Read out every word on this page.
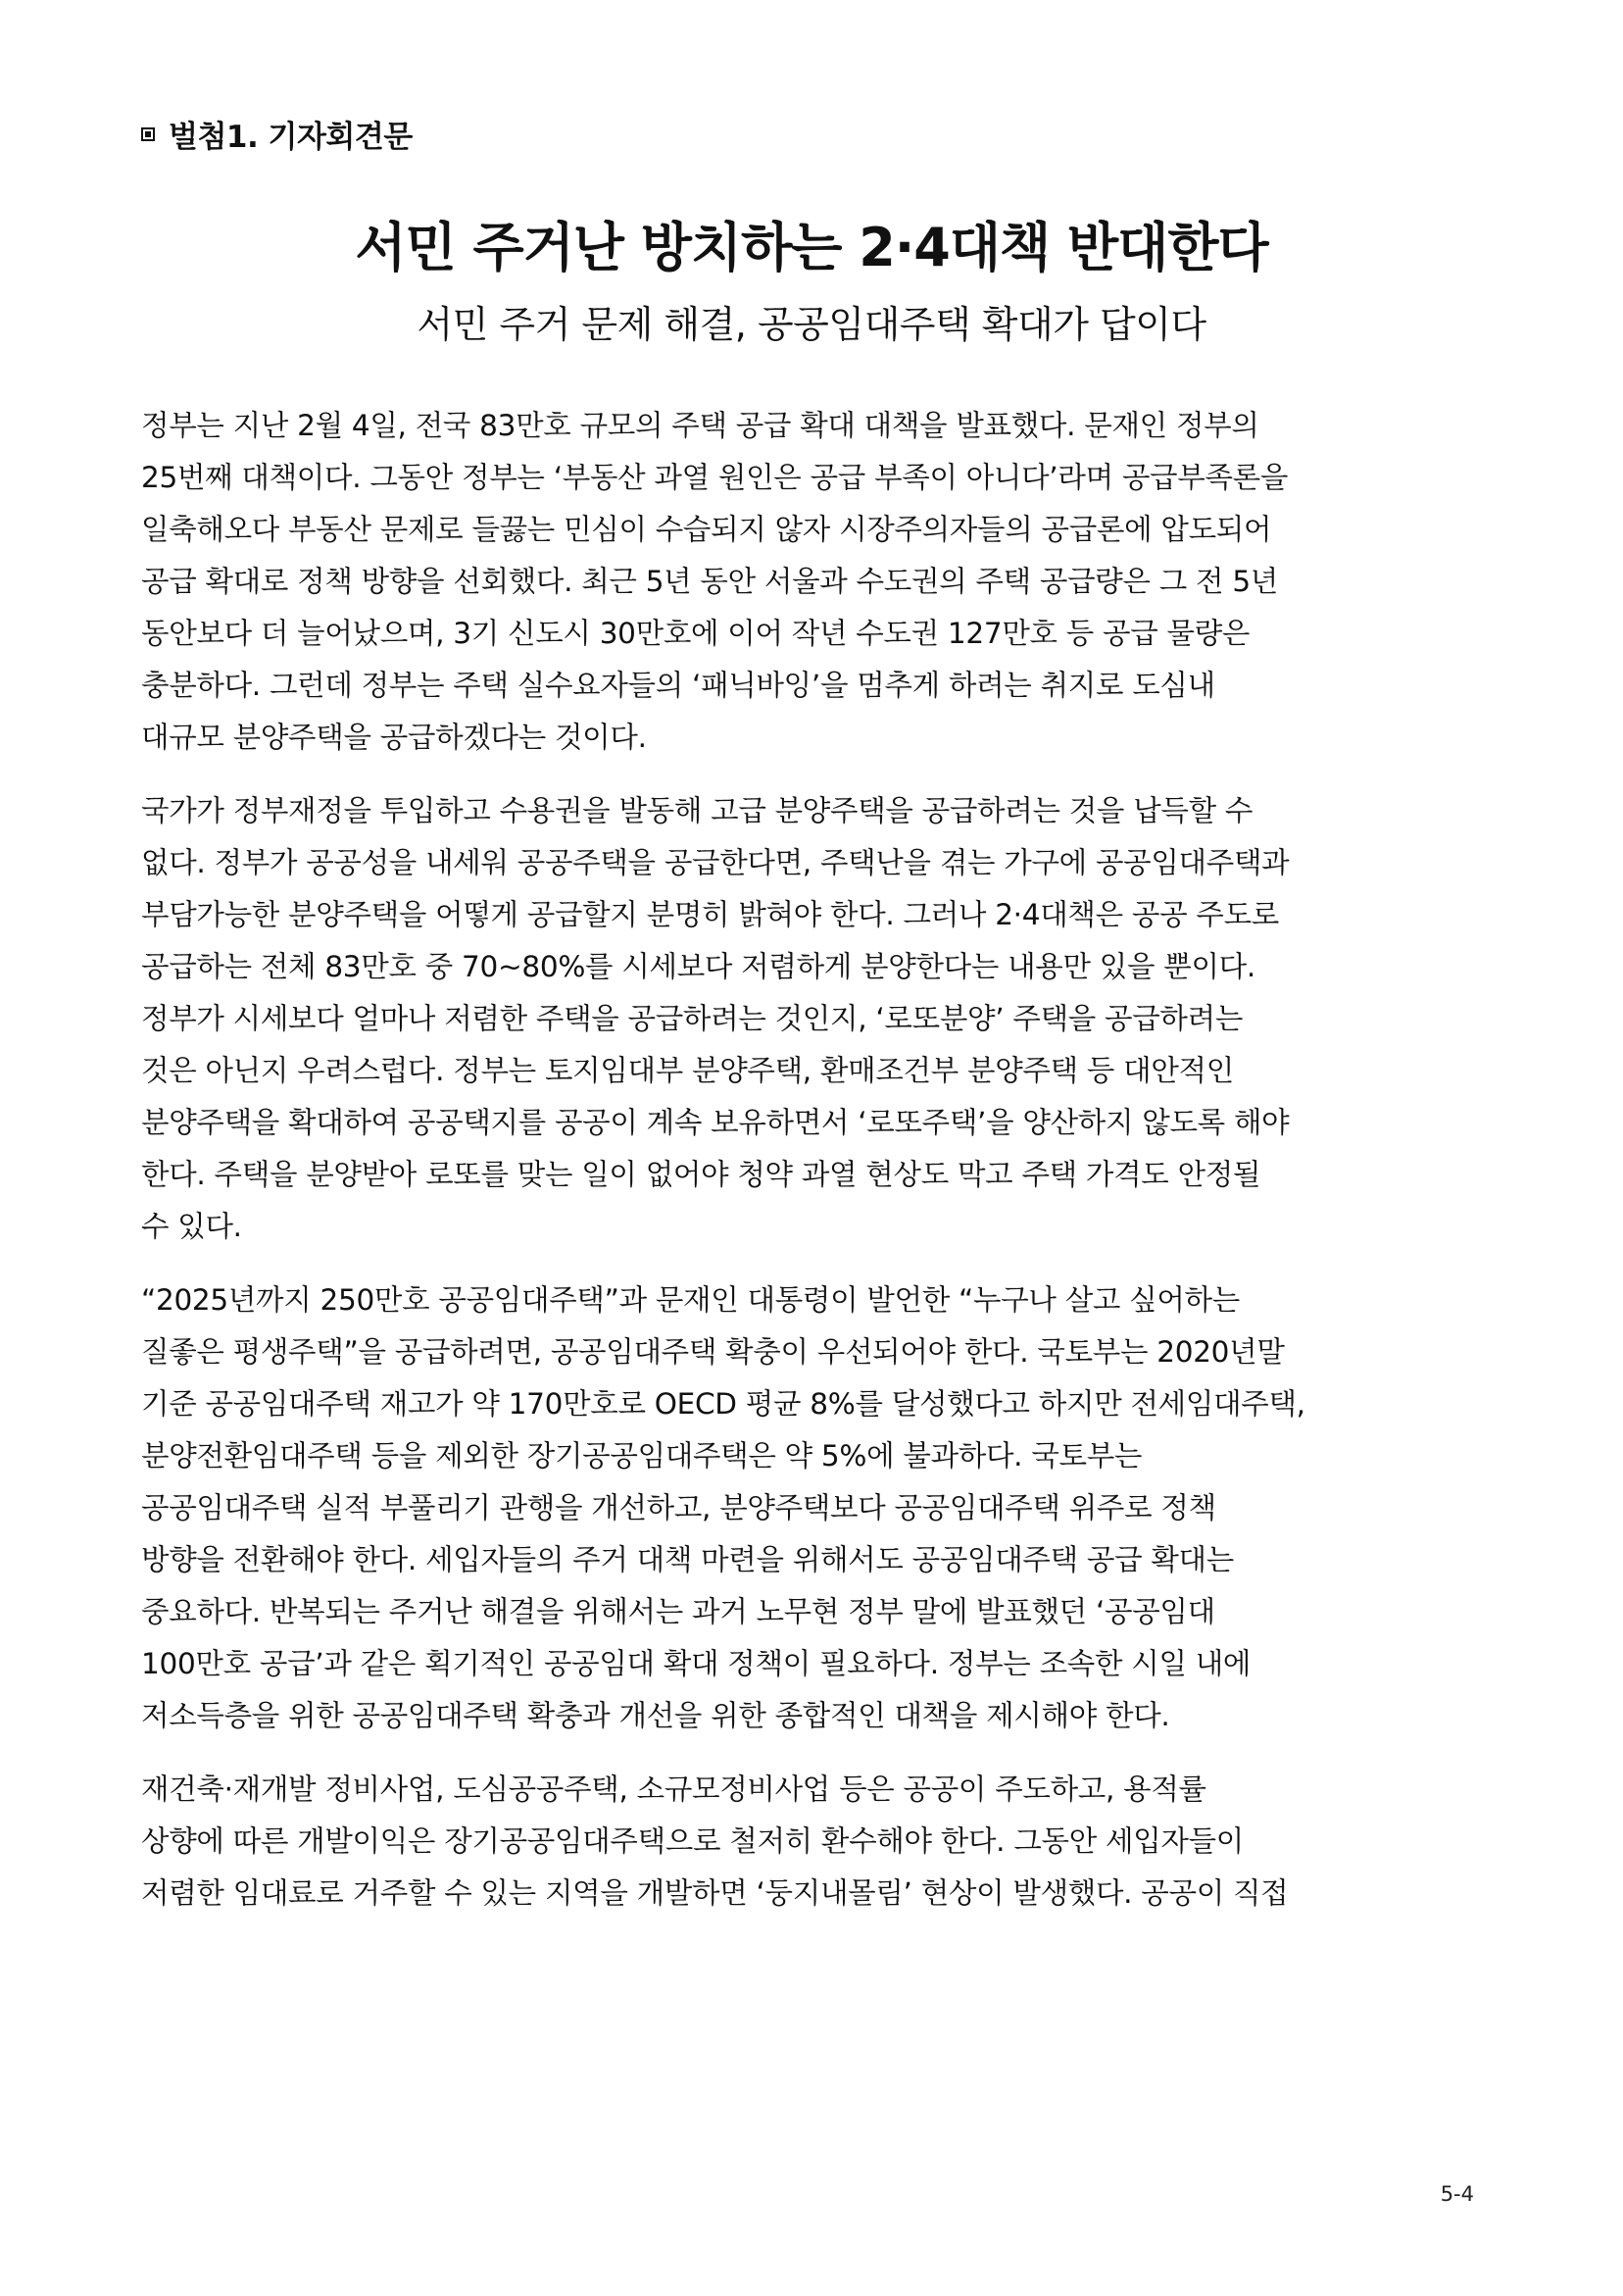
벌첨1. 기자회견문
서민 주거난 방치하는 2·4대책 반대한다
서민 주거 문제 해결, 공공임대주택 확대가 답이다
정부는 지난 2월 4일, 전국 83만호 규모의 주택 공급 확대 대책을 발표했다. 문재인 정부의
25번째 대책이다. 그동안 정부는 ‘부동산 과열 원인은 공급 부족이 아니다’라며 공급부족론을
일축해오다 부동산 문제로 들끓는 민심이 수습되지 않자 시장주의자들의 공급론에 압도되어
공급 확대로 정책 방향을 선회했다. 최근 5년 동안 서울과 수도권의 주택 공급량은 그 전 5년
동안보다 더 늘어났으며, 3기 신도시 30만호에 이어 작년 수도권 127만호 등 공급 물량은
충분하다. 그런데 정부는 주택 실수요자들의 ‘패닉바잉’을 멈추게 하려는 취지로 도심내
대규모 분양주택을 공급하겠다는 것이다.
국가가 정부재정을 투입하고 수용권을 발동해 고급 분양주택을 공급하려는 것을 납득할 수
없다. 정부가 공공성을 내세워 공공주택을 공급한다면, 주택난을 겪는 가구에 공공임대주택과
부담가능한 분양주택을 어떻게 공급할지 분명히 밝혀야 한다. 그러나 2·4대책은 공공 주도로
공급하는 전체 83만호 중 70~80%를 시세보다 저렴하게 분양한다는 내용만 있을 뿐이다.
정부가 시세보다 얼마나 저렴한 주택을 공급하려는 것인지, ‘로또분양’ 주택을 공급하려는
것은 아닌지 우려스럽다. 정부는 토지임대부 분양주택, 환매조건부 분양주택 등 대안적인
분양주택을 확대하여 공공택지를 공공이 계속 보유하면서 ‘로또주택’을 양산하지 않도록 해야
한다. 주택을 분양받아 로또를 맞는 일이 없어야 청약 과열 현상도 막고 주택 가격도 안정될
수 있다.
“2025년까지 250만호 공공임대주택”과 문재인 대통령이 발언한 “누구나 살고 싶어하는
질좋은 평생주택”을 공급하려면, 공공임대주택 확충이 우선되어야 한다. 국토부는 2020년말
기준 공공임대주택 재고가 약 170만호로 OECD 평균 8%를 달성했다고 하지만 전세임대주택,
분양전환임대주택 등을 제외한 장기공공임대주택은 약 5%에 불과하다. 국토부는
공공임대주택 실적 부풀리기 관행을 개선하고, 분양주택보다 공공임대주택 위주로 정책
방향을 전환해야 한다. 세입자들의 주거 대책 마련을 위해서도 공공임대주택 공급 확대는
중요하다. 반복되는 주거난 해결을 위해서는 과거 노무현 정부 말에 발표했던 ‘공공임대
100만호 공급’과 같은 획기적인 공공임대 확대 정책이 필요하다. 정부는 조속한 시일 내에
저소득층을 위한 공공임대주택 확충과 개선을 위한 종합적인 대책을 제시해야 한다.
재건축·재개발 정비사업, 도심공공주택, 소규모정비사업 등은 공공이 주도하고, 용적률
상향에 따른 개발이익은 장기공공임대주택으로 철저히 환수해야 한다. 그동안 세입자들이
저렴한 임대료로 거주할 수 있는 지역을 개발하면 ‘둥지내몰림’ 현상이 발생했다. 공공이 직접
5-4
